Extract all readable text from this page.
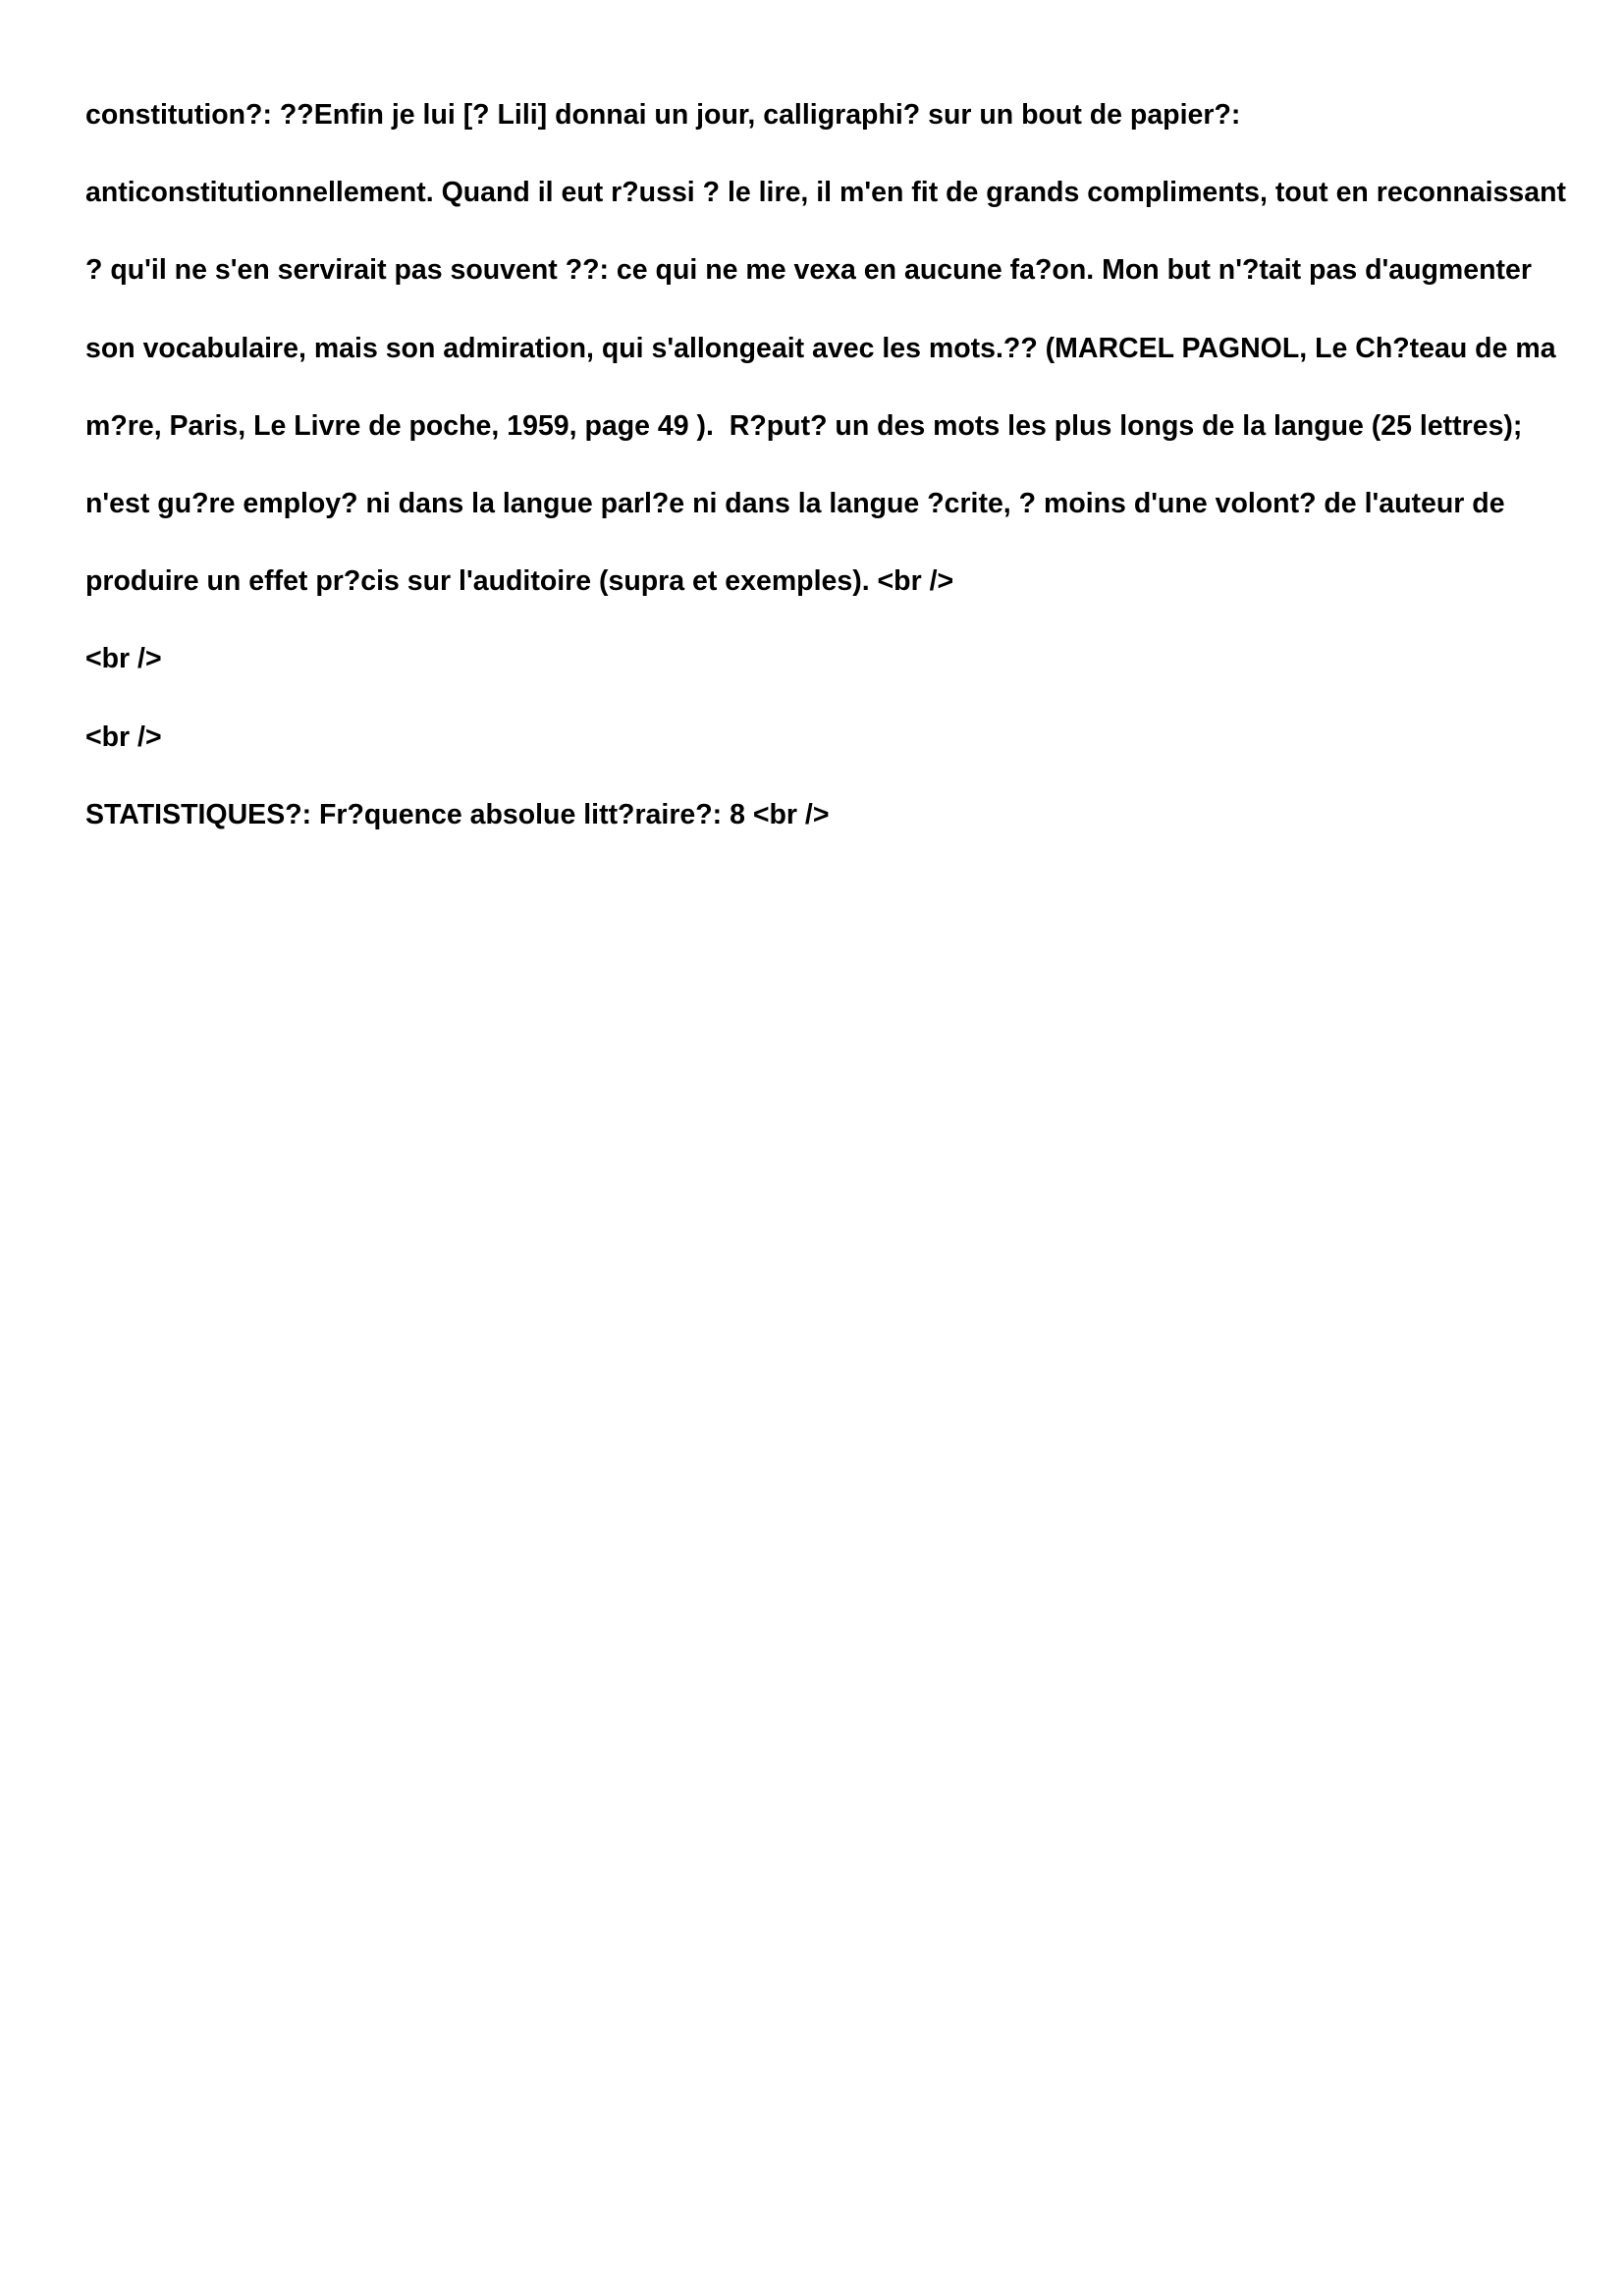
constitution?: ??Enfin je lui [? Lili] donnai un jour, calligraphi? sur un bout de papier?:
anticonstitutionnellement. Quand il eut r?ussi ? le lire, il m'en fit de grands compliments, tout en reconnaissant
? qu'il ne s'en servirait pas souvent ??: ce qui ne me vexa en aucune fa?on. Mon but n'?tait pas d'augmenter
son vocabulaire, mais son admiration, qui s'allongeait avec les mots.?? (MARCEL PAGNOL, Le Ch?teau de ma
m?re, Paris, Le Livre de poche, 1959, page 49 ).  R?put? un des mots les plus longs de la langue (25 lettres);
n'est gu?re employ? ni dans la langue parl?e ni dans la langue ?crite, ? moins d'une volont? de l'auteur de
produire un effet pr?cis sur l'auditoire (supra et exemples). <br />
<br />
<br />
STATISTIQUES?: Fr?quence absolue litt?raire?: 8 <br />
